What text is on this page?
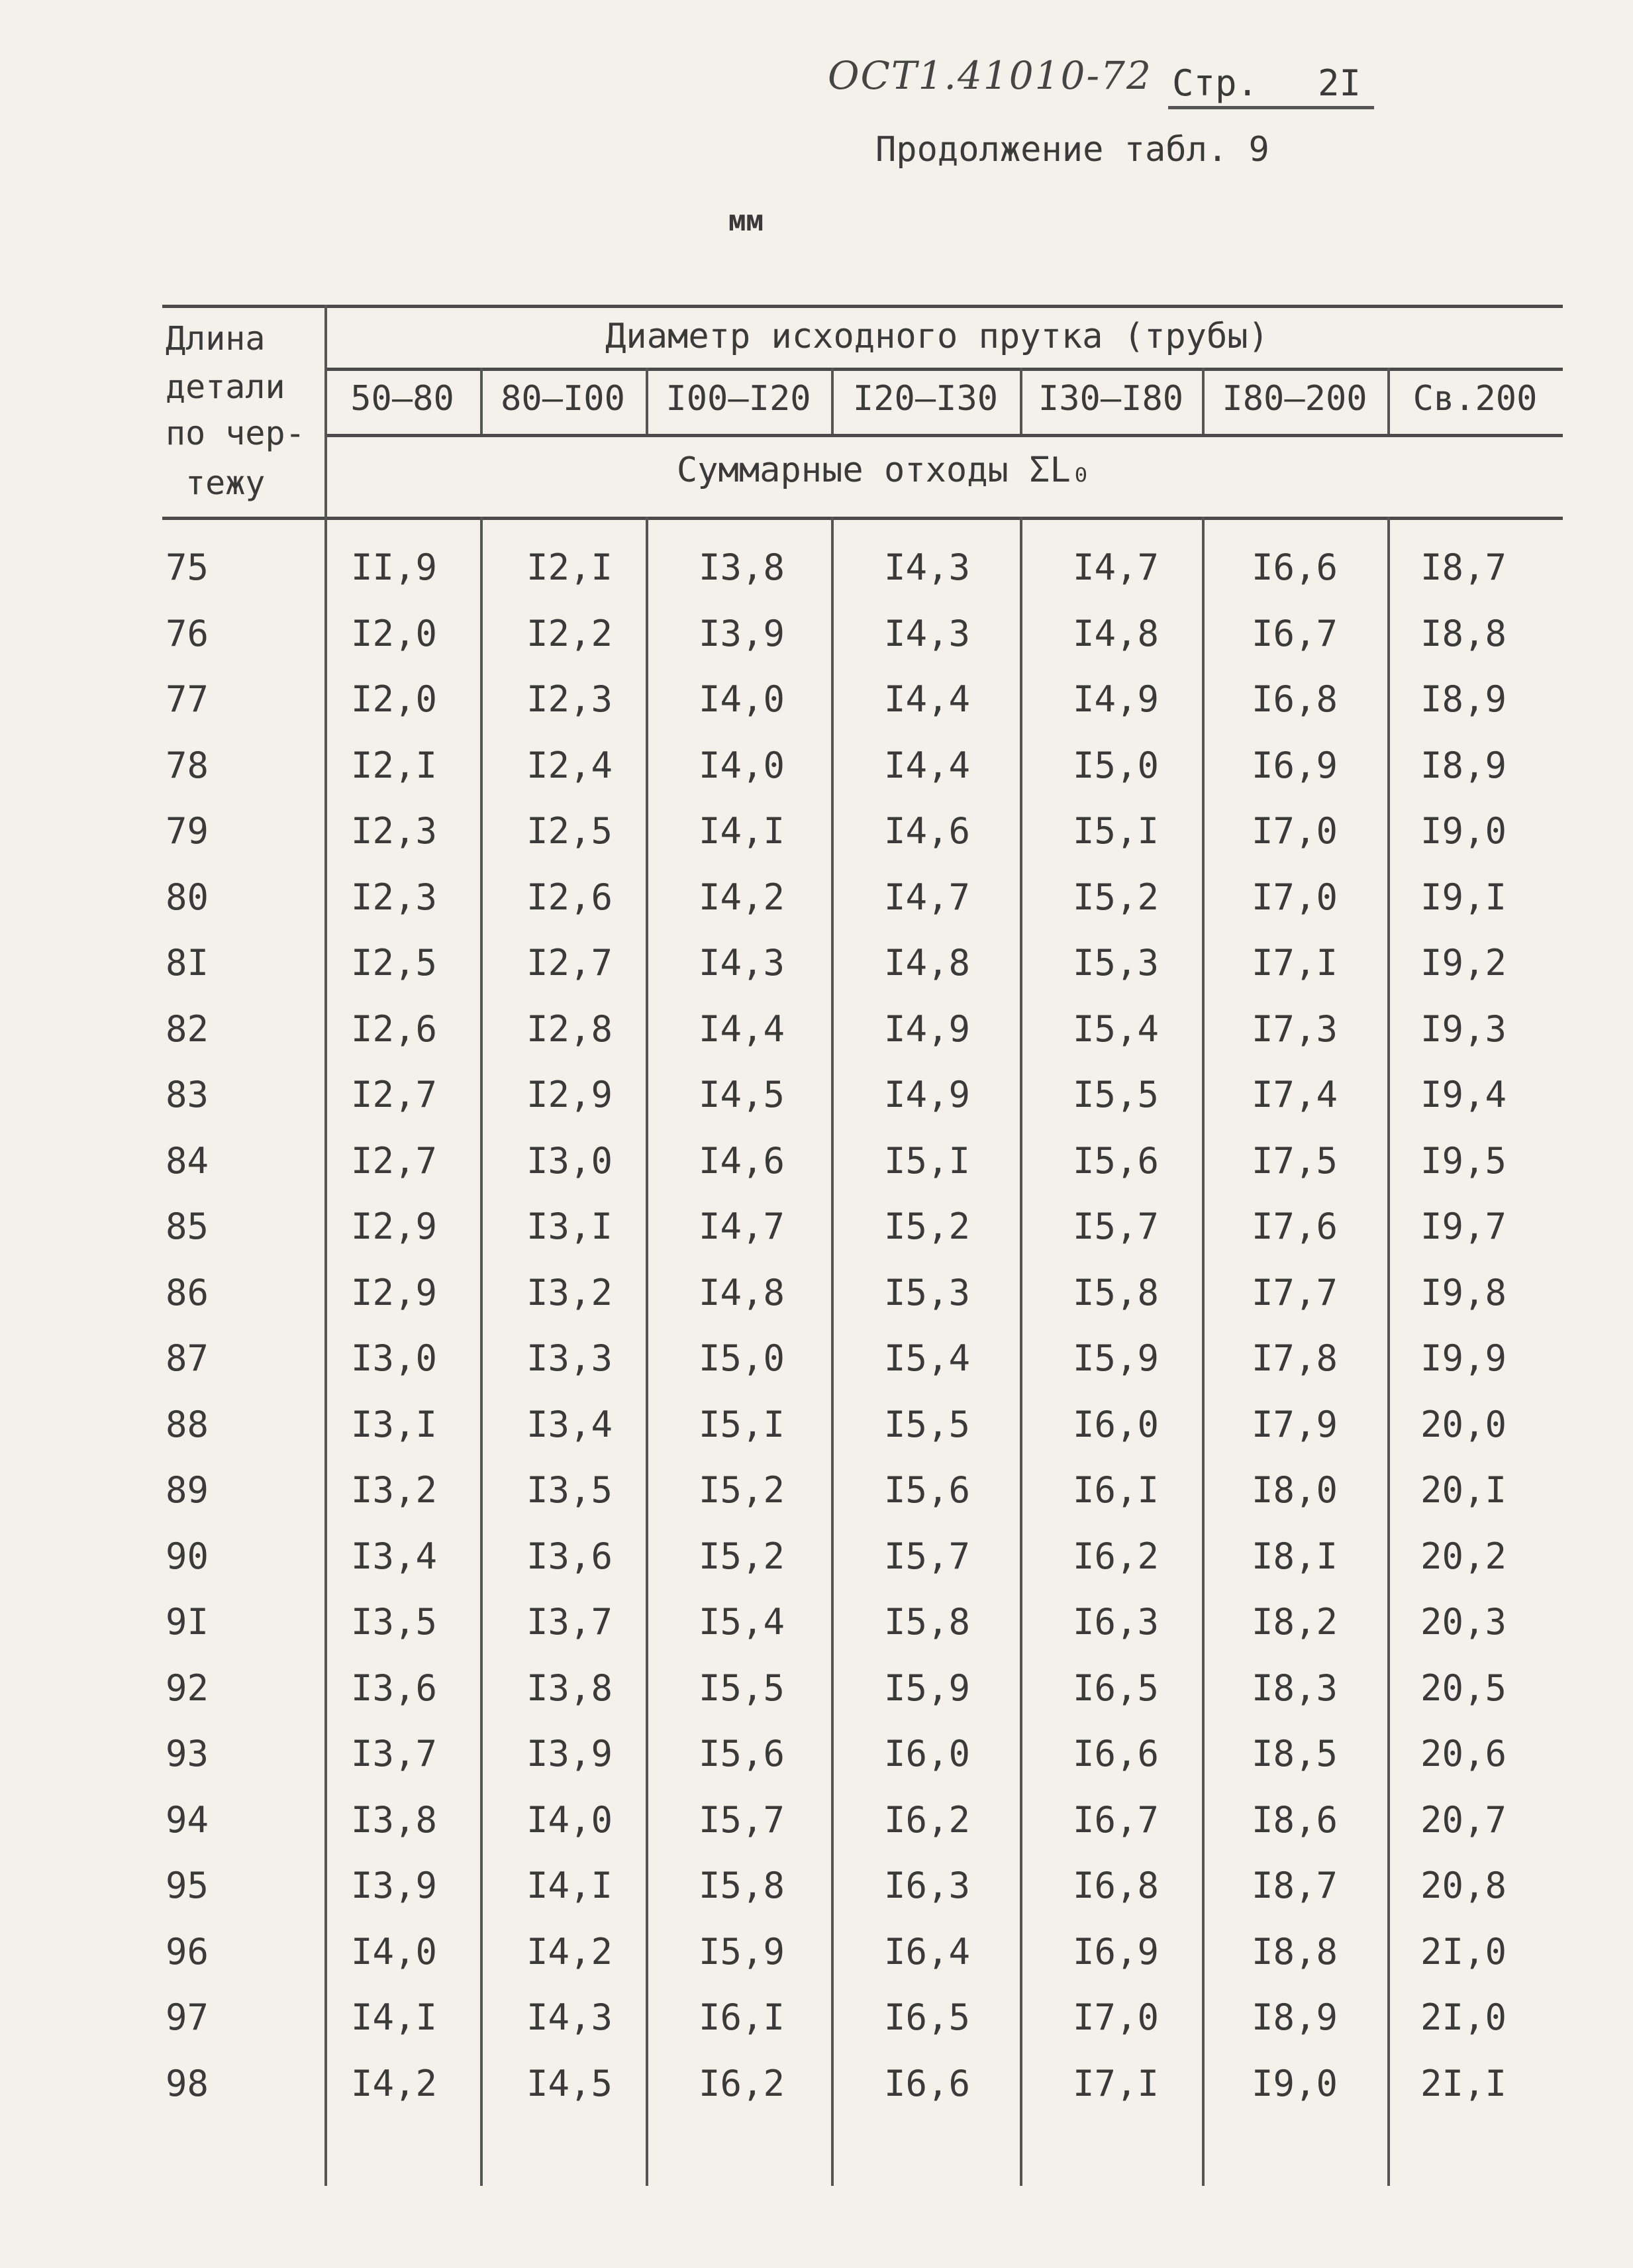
ОСТ1.41010-72 Стр. 2I
Продолжение табл. 9
мм
Длина
детали
по чер-
тежу
Диаметр исходного прутка (трубы)
Суммарные отходы ΣL₀
50–80 80–I00 I00–I20 I20–I30 I30–I80 I80–200 Св.200
75	II,9 I2,I I3,8	I4,3	I4,7	I6,6 I8,7
76	I2,0 I2,2 I3,9	I4,3	I4,8	I6,7 I8,8
77	I2,0 I2,3 I4,0	I4,4	I4,9	I6,8 I8,9
78	I2,I I2,4 I4,0	I4,4	I5,0	I6,9 I8,9
79	I2,3 I2,5 I4,I	I4,6	I5,I	I7,0 I9,0
80	I2,3 I2,6 I4,2	I4,7	I5,2	I7,0 I9,I
8I	I2,5 I2,7 I4,3	I4,8	I5,3	I7,I I9,2
82	I2,6 I2,8 I4,4	I4,9	I5,4	I7,3 I9,3
83	I2,7 I2,9 I4,5	I4,9	I5,5	I7,4 I9,4
84	I2,7 I3,0 I4,6	I5,I	I5,6	I7,5 I9,5
85	I2,9 I3,I I4,7	I5,2	I5,7	I7,6 I9,7
86	I2,9 I3,2 I4,8	I5,3	I5,8	I7,7 I9,8
87	I3,0 I3,3 I5,0	I5,4	I5,9	I7,8 I9,9
88	I3,I I3,4 I5,I	I5,5	I6,0	I7,9 20,0
89	I3,2 I3,5 I5,2	I5,6	I6,I	I8,0 20,I
90	I3,4 I3,6 I5,2	I5,7	I6,2	I8,I 20,2
9I	I3,5 I3,7 I5,4	I5,8	I6,3	I8,2 20,3
92	I3,6 I3,8 I5,5	I5,9	I6,5	I8,3 20,5
93	I3,7 I3,9 I5,6	I6,0	I6,6	I8,5 20,6
94	I3,8 I4,0 I5,7	I6,2	I6,7	I8,6 20,7
95	I3,9 I4,I I5,8	I6,3	I6,8	I8,7 20,8
96	I4,0 I4,2 I5,9	I6,4	I6,9	I8,8 2I,0
97	I4,I I4,3 I6,I	I6,5	I7,0	I8,9 2I,0
98	I4,2 I4,5 I6,2	I6,6	I7,I	I9,0 2I,I
